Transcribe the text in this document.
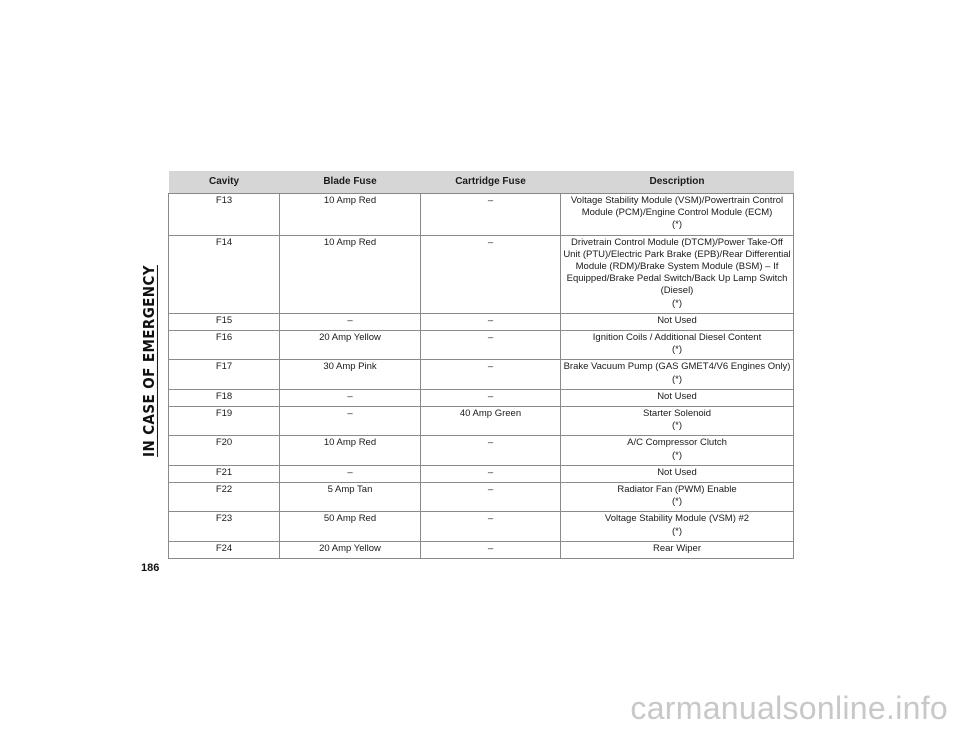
IN CASE OF EMERGENCY
Cavity	Blade Fuse	Cartridge Fuse	Description
F13	10 Amp Red	–	Voltage Stability Module (VSM)/Powertrain Control Module (PCM)/Engine Control Module (ECM)
(*)

F14	10 Amp Red	–	Drivetrain Control Module (DTCM)/Power Take-Off Unit (PTU)/Electric Park Brake (EPB)/Rear Differential Module (RDM)/Brake System Module (BSM) – If Equipped/Brake Pedal Switch/Back Up Lamp Switch (Diesel)
(*)

F15	–	–	Not Used

F16	20 Amp Yellow	–	Ignition Coils / Additional Diesel Content
(*)

F17	30 Amp Pink	–	Brake Vacuum Pump (GAS GMET4/V6 Engines Only)
(*)

F18	–	–	Not Used

F19	–	40 Amp Green	Starter Solenoid
(*)

F20	10 Amp Red	–	A/C Compressor Clutch
(*)

F21	–	–	Not Used

F22	5 Amp Tan	–	Radiator Fan (PWM) Enable
(*)

F23	50 Amp Red	–	Voltage Stability Module (VSM) #2
(*)

F24	20 Amp Yellow	–	Rear Wiper
186
carmanualsonline.info
